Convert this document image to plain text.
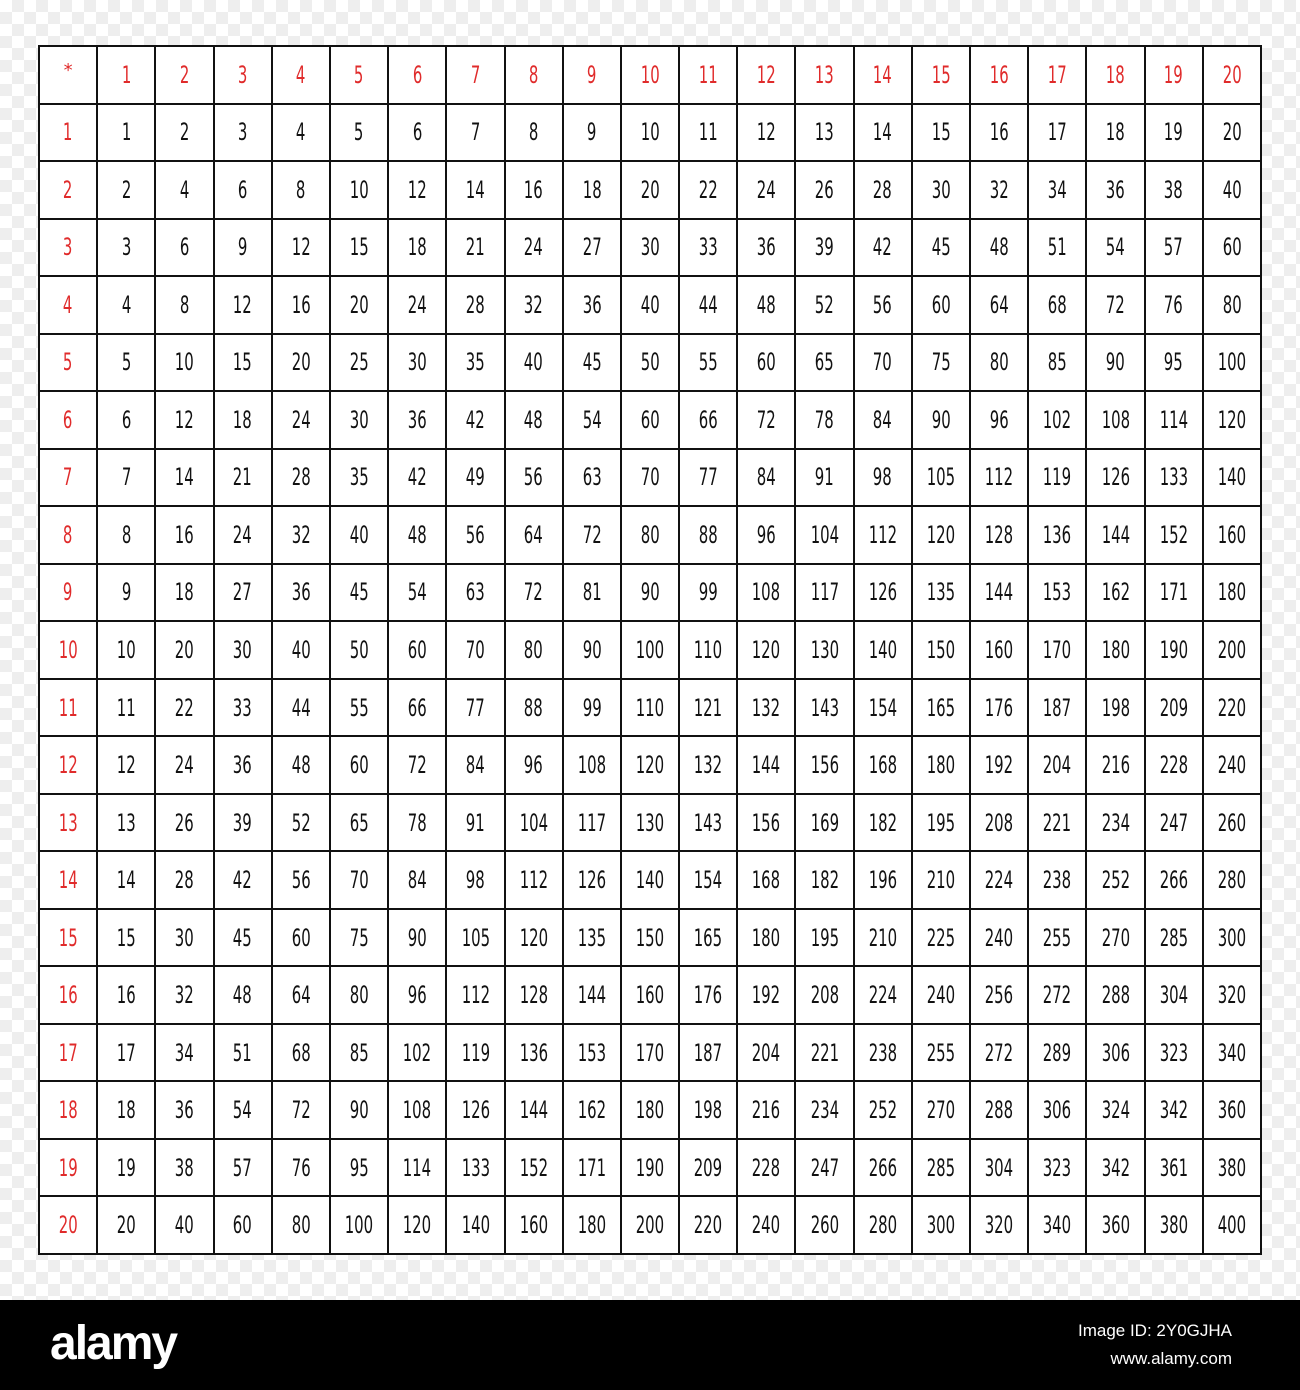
* 1 2 3 4 5 6 7 8 9 10 11 12 13 14 15 16 17 18 19 20
1 1 2 3 4 5 6 7 8 9 10 11 12 13 14 15 16 17 18 19 20
2 2 4 6 8 10 12 14 16 18 20 22 24 26 28 30 32 34 36 38 40
3 3 6 9 12 15 18 21 24 27 30 33 36 39 42 45 48 51 54 57 60
4 4 8 12 16 20 24 28 32 36 40 44 48 52 56 60 64 68 72 76 80
5 5 10 15 20 25 30 35 40 45 50 55 60 65 70 75 80 85 90 95 100
6 6 12 18 24 30 36 42 48 54 60 66 72 78 84 90 96 102 108 114 120
7 7 14 21 28 35 42 49 56 63 70 77 84 91 98 105 112 119 126 133 140
8 8 16 24 32 40 48 56 64 72 80 88 96 104 112 120 128 136 144 152 160
9 9 18 27 36 45 54 63 72 81 90 99 108 117 126 135 144 153 162 171 180
10 10 20 30 40 50 60 70 80 90 100 110 120 130 140 150 160 170 180 190 200
11 11 22 33 44 55 66 77 88 99 110 121 132 143 154 165 176 187 198 209 220
12 12 24 36 48 60 72 84 96 108 120 132 144 156 168 180 192 204 216 228 240
13 13 26 39 52 65 78 91 104 117 130 143 156 169 182 195 208 221 234 247 260
14 14 28 42 56 70 84 98 112 126 140 154 168 182 196 210 224 238 252 266 280
15 15 30 45 60 75 90 105 120 135 150 165 180 195 210 225 240 255 270 285 300
16 16 32 48 64 80 96 112 128 144 160 176 192 208 224 240 256 272 288 304 320
17 17 34 51 68 85 102 119 136 153 170 187 204 221 238 255 272 289 306 323 340
18 18 36 54 72 90 108 126 144 162 180 198 216 234 252 270 288 306 324 342 360
19 19 38 57 76 95 114 133 152 171 190 209 228 247 266 285 304 323 342 361 380
20 20 40 60 80 100 120 140 160 180 200 220 240 260 280 300 320 340 360 380 400
alamy	Image ID: 2Y0GJHA
www.alamy.com
